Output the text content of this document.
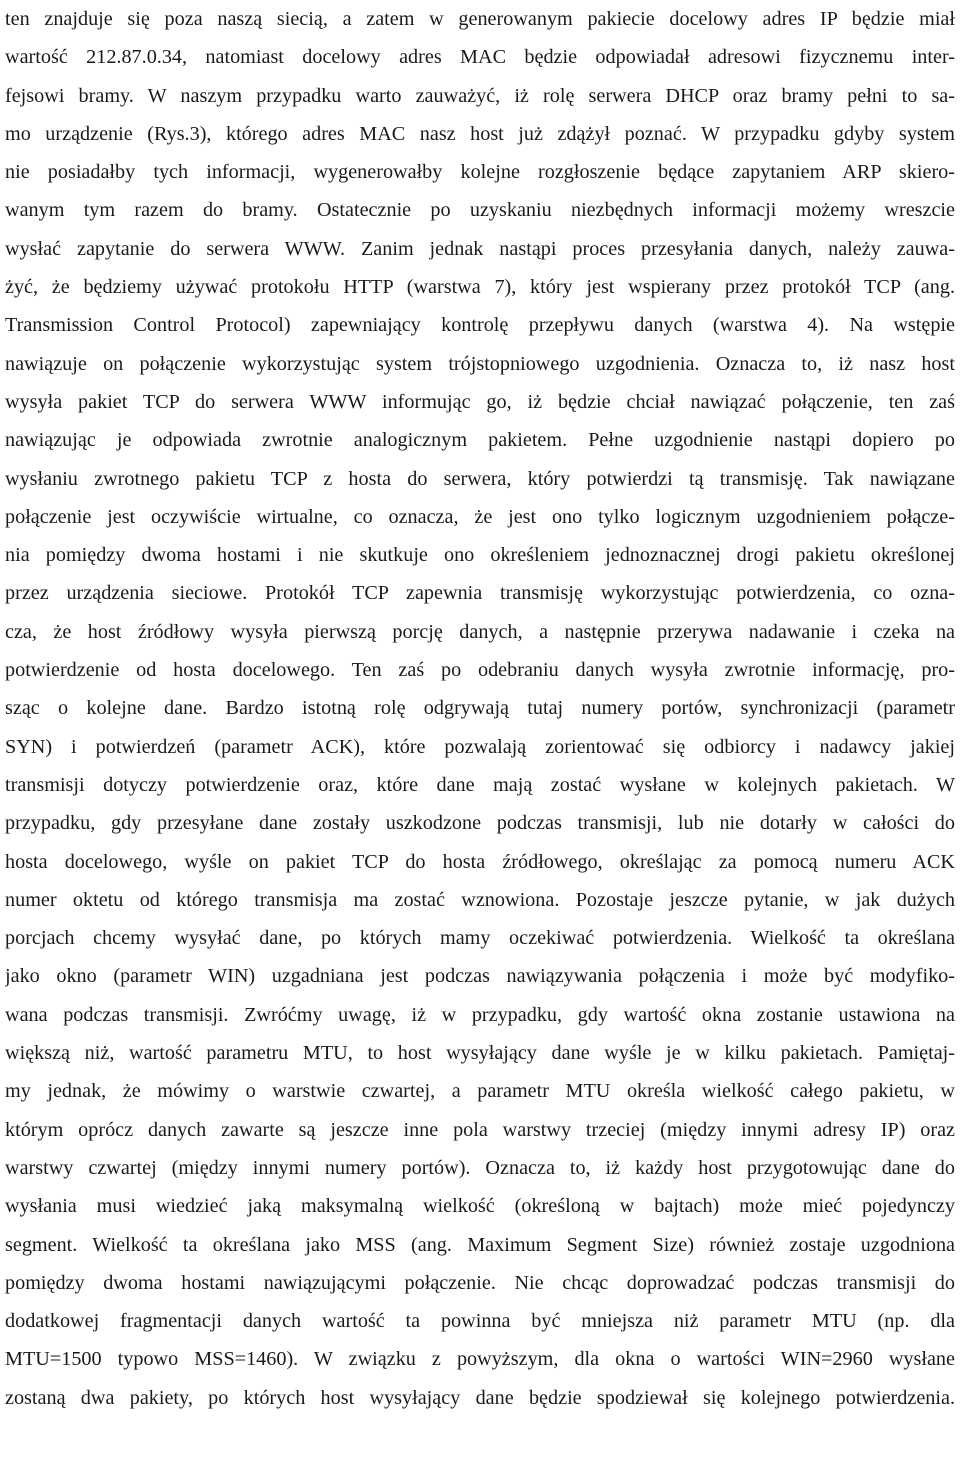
ten znajduje się poza naszą siecią, a zatem w generowanym pakiecie docelowy adres IP będzie miał
wartość 212.87.0.34, natomiast docelowy adres MAC będzie odpowiadał adresowi fizycznemu inter-
fejsowi bramy. W naszym przypadku warto zauważyć, iż rolę serwera DHCP oraz bramy pełni to sa-
mo urządzenie (Rys.3), którego adres MAC nasz host już zdążył poznać. W przypadku gdyby system
nie posiadałby tych informacji, wygenerowałby kolejne rozgłoszenie będące zapytaniem ARP skiero-
wanym tym razem do bramy. Ostatecznie po uzyskaniu niezbędnych informacji możemy wreszcie
wysłać zapytanie do serwera WWW. Zanim jednak nastąpi proces przesyłania danych, należy zauwa-
żyć, że będziemy używać protokołu HTTP (warstwa 7), który jest wspierany przez protokół TCP (ang.
Transmission Control Protocol) zapewniający kontrolę przepływu danych (warstwa 4). Na wstępie
nawiązuje on połączenie wykorzystując system trójstopniowego uzgodnienia. Oznacza to, iż nasz host
wysyła pakiet TCP do serwera WWW informując go, iż będzie chciał nawiązać połączenie, ten zaś
nawiązując je odpowiada zwrotnie analogicznym pakietem. Pełne uzgodnienie nastąpi dopiero po
wysłaniu zwrotnego pakietu TCP z hosta do serwera, który potwierdzi tą transmisję. Tak nawiązane
połączenie jest oczywiście wirtualne, co oznacza, że jest ono tylko logicznym uzgodnieniem połącze-
nia pomiędzy dwoma hostami i nie skutkuje ono określeniem jednoznacznej drogi pakietu określonej
przez urządzenia sieciowe. Protokół TCP zapewnia transmisję wykorzystując potwierdzenia, co ozna-
cza, że host źródłowy wysyła pierwszą porcję danych, a następnie przerywa nadawanie i czeka na
potwierdzenie od hosta docelowego. Ten zaś po odebraniu danych wysyła zwrotnie informację, pro-
sząc o kolejne dane. Bardzo istotną rolę odgrywają tutaj numery portów, synchronizacji (parametr
SYN) i potwierdzeń (parametr ACK), które pozwalają zorientować się odbiorcy i nadawcy jakiej
transmisji dotyczy potwierdzenie oraz, które dane mają zostać wysłane w kolejnych pakietach. W
przypadku, gdy przesyłane dane zostały uszkodzone podczas transmisji, lub nie dotarły w całości do
hosta docelowego, wyśle on pakiet TCP do hosta źródłowego, określając za pomocą numeru ACK
numer oktetu od którego transmisja ma zostać wznowiona. Pozostaje jeszcze pytanie, w jak dużych
porcjach chcemy wysyłać dane, po których mamy oczekiwać potwierdzenia. Wielkość ta określana
jako okno (parametr WIN) uzgadniana jest podczas nawiązywania połączenia i może być modyfiko-
wana podczas transmisji. Zwróćmy uwagę, iż w przypadku, gdy wartość okna zostanie ustawiona na
większą niż, wartość parametru MTU, to host wysyłający dane wyśle je w kilku pakietach. Pamiętaj-
my jednak, że mówimy o warstwie czwartej, a parametr MTU określa wielkość całego pakietu, w
którym oprócz danych zawarte są jeszcze inne pola warstwy trzeciej (między innymi adresy IP) oraz
warstwy czwartej (między innymi numery portów). Oznacza to, iż każdy host przygotowując dane do
wysłania musi wiedzieć jaką maksymalną wielkość (określoną w bajtach) może mieć pojedynczy
segment. Wielkość ta określana jako MSS (ang. Maximum Segment Size) również zostaje uzgodniona
pomiędzy dwoma hostami nawiązującymi połączenie. Nie chcąc doprowadzać podczas transmisji do
dodatkowej fragmentacji danych wartość ta powinna być mniejsza niż parametr MTU (np. dla
MTU=1500 typowo MSS=1460). W związku z powyższym, dla okna o wartości WIN=2960 wysłane
zostaną dwa pakiety, po których host wysyłający dane będzie spodziewał się kolejnego potwierdzenia.
